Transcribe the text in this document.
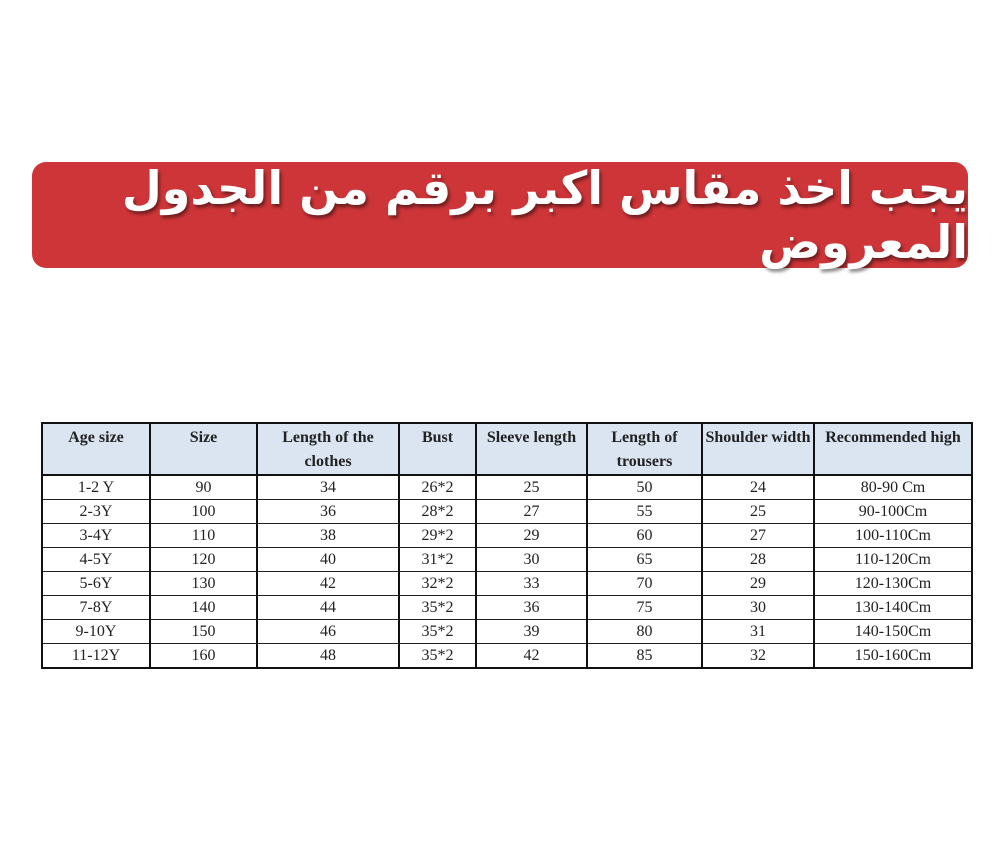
يجب اخذ مقاس اكبر برقم من الجدول المعروض
Age size	Size	Length of the clothes	Bust	Sleeve length	Length of trousers	Shoulder width	Recommended high
1-2 Y	90	34	26*2	25	50	24	80-90 Cm
2-3Y	100	36	28*2	27	55	25	90-100Cm
3-4Y	110	38	29*2	29	60	27	100-110Cm
4-5Y	120	40	31*2	30	65	28	110-120Cm
5-6Y	130	42	32*2	33	70	29	120-130Cm
7-8Y	140	44	35*2	36	75	30	130-140Cm
9-10Y	150	46	35*2	39	80	31	140-150Cm
11-12Y	160	48	35*2	42	85	32	150-160Cm
